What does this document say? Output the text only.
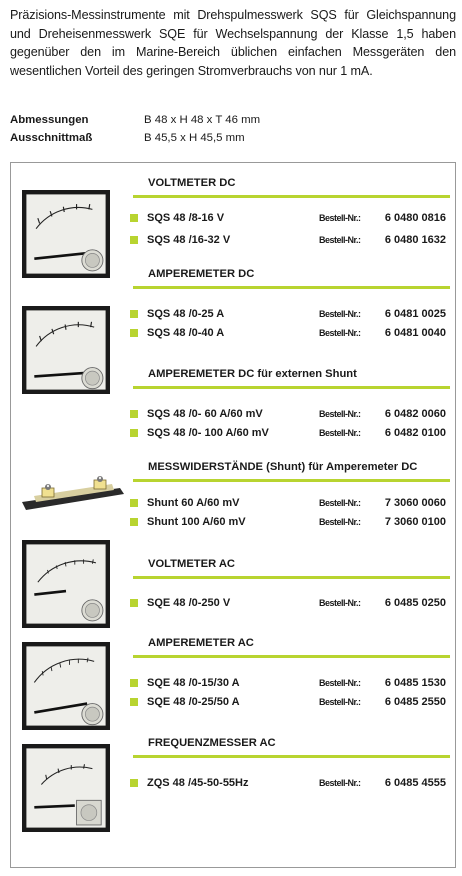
Präzisions-Messinstrumente mit Drehspulmesswerk SQS für Gleichspannung und Dreheisenmesswerk SQE für Wechselspannung der Klasse 1,5 haben gegenüber den im Marine-Bereich üblichen einfachen Messgeräten den wesentlichen Vorteil des geringen Stromverbrauchs von nur 1 mA.
Abmessungen	B 48 x H 48 x T 46 mm
Ausschnittmaß	B 45,5 x H 45,5 mm
VOLTMETER DC
SQS 48 /8-16 V	Bestell-Nr.: 6 0480 0816
SQS 48 /16-32 V	Bestell-Nr.: 6 0480 1632
AMPEREMETER DC
SQS 48 /0-25 A	Bestell-Nr.: 6 0481 0025
SQS 48 /0-40 A	Bestell-Nr.: 6 0481 0040
AMPEREMETER DC für externen Shunt
SQS 48 /0- 60 A/60 mV	Bestell-Nr.: 6 0482 0060
SQS 48 /0- 100 A/60 mV	Bestell-Nr.: 6 0482 0100
MESSWIDERSTÄNDE (Shunt) für Amperemeter DC
Shunt 60 A/60 mV	Bestell-Nr.: 7 3060 0060
Shunt 100 A/60 mV	Bestell-Nr.: 7 3060 0100
VOLTMETER AC
SQE 48 /0-250 V	Bestell-Nr.: 6 0485 0250
AMPEREMETER AC
SQE 48 /0-15/30 A	Bestell-Nr.: 6 0485 1530
SQE 48 /0-25/50 A	Bestell-Nr.: 6 0485 2550
FREQUENZMESSER AC
ZQS 48 /45-50-55Hz	Bestell-Nr.: 6 0485 4555
